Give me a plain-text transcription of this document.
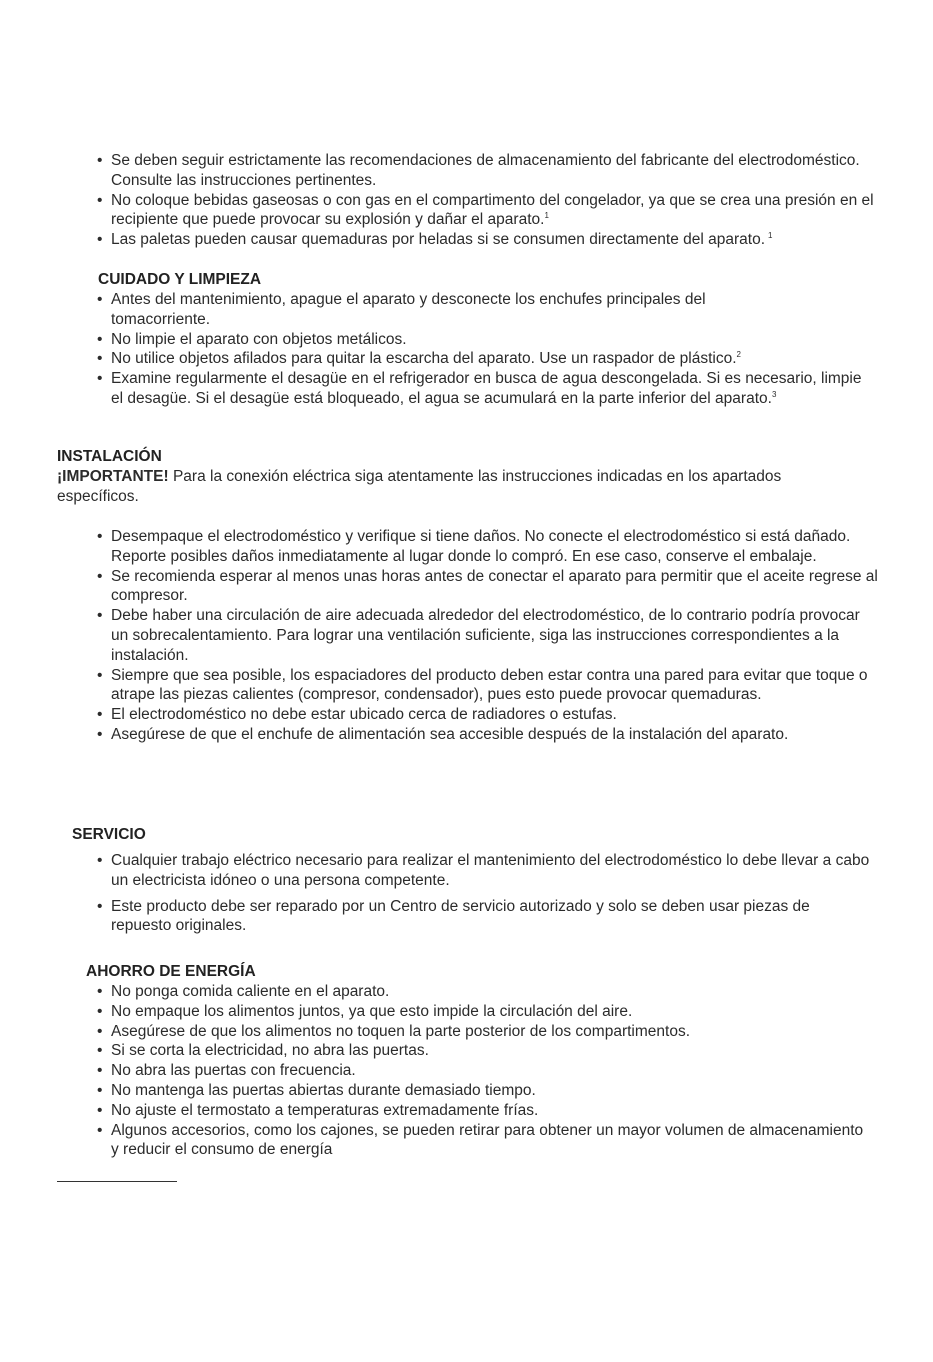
• Se deben seguir estrictamente las recomendaciones de almacenamiento del fabricante del electrodoméstico. Consulte las instrucciones pertinentes.
• No coloque bebidas gaseosas o con gas en el compartimento del congelador, ya que se crea una presión en el recipiente que puede provocar su explosión y dañar el aparato.$^1$
• Las paletas pueden causar quemaduras por heladas si se consumen directamente del aparato. $^1$
CUIDADO Y LIMPIEZA
• Antes del mantenimiento, apague el aparato y desconecte los enchufes principales del tomacorriente.
• No limpie el aparato con objetos metálicos.
• No utilice objetos afilados para quitar la escarcha del aparato. Use un raspador de plástico.$^2$
• Examine regularmente el desagüe en el refrigerador en busca de agua descongelada. Si es necesario, limpie el desagüe. Si el desagüe está bloqueado, el agua se acumulará en la parte inferior del aparato.$^3$
INSTALACIÓN
¡IMPORTANTE! Para la conexión eléctrica siga atentamente las instrucciones indicadas en los apartados específicos.
• Desempaque el electrodoméstico y verifique si tiene daños. No conecte el electrodoméstico si está dañado. Reporte posibles daños inmediatamente al lugar donde lo compró. En ese caso, conserve el embalaje.
• Se recomienda esperar al menos unas horas antes de conectar el aparato para permitir que el aceite regrese al compresor.
• Debe haber una circulación de aire adecuada alrededor del electrodoméstico, de lo contrario podría provocar un sobrecalentamiento. Para lograr una ventilación suficiente, siga las instrucciones correspondientes a la instalación.
• Siempre que sea posible, los espaciadores del producto deben estar contra una pared para evitar que toque o atrape las piezas calientes (compresor, condensador), pues esto puede provocar quemaduras.
• El electrodoméstico no debe estar ubicado cerca de radiadores o estufas.
• Asegúrese de que el enchufe de alimentación sea accesible después de la instalación del aparato.
SERVICIO
• Cualquier trabajo eléctrico necesario para realizar el mantenimiento del electrodoméstico lo debe llevar a cabo un electricista idóneo o una persona competente.
• Este producto debe ser reparado por un Centro de servicio autorizado y solo se deben usar piezas de repuesto originales.
AHORRO DE ENERGÍA
• No ponga comida caliente en el aparato.
• No empaque los alimentos juntos, ya que esto impide la circulación del aire.
• Asegúrese de que los alimentos no toquen la parte posterior de los compartimentos.
• Si se corta la electricidad, no abra las puertas.
• No abra las puertas con frecuencia.
• No mantenga las puertas abiertas durante demasiado tiempo.
• No ajuste el termostato a temperaturas extremadamente frías.
• Algunos accesorios, como los cajones, se pueden retirar para obtener un mayor volumen de almacenamiento y reducir el consumo de energía
